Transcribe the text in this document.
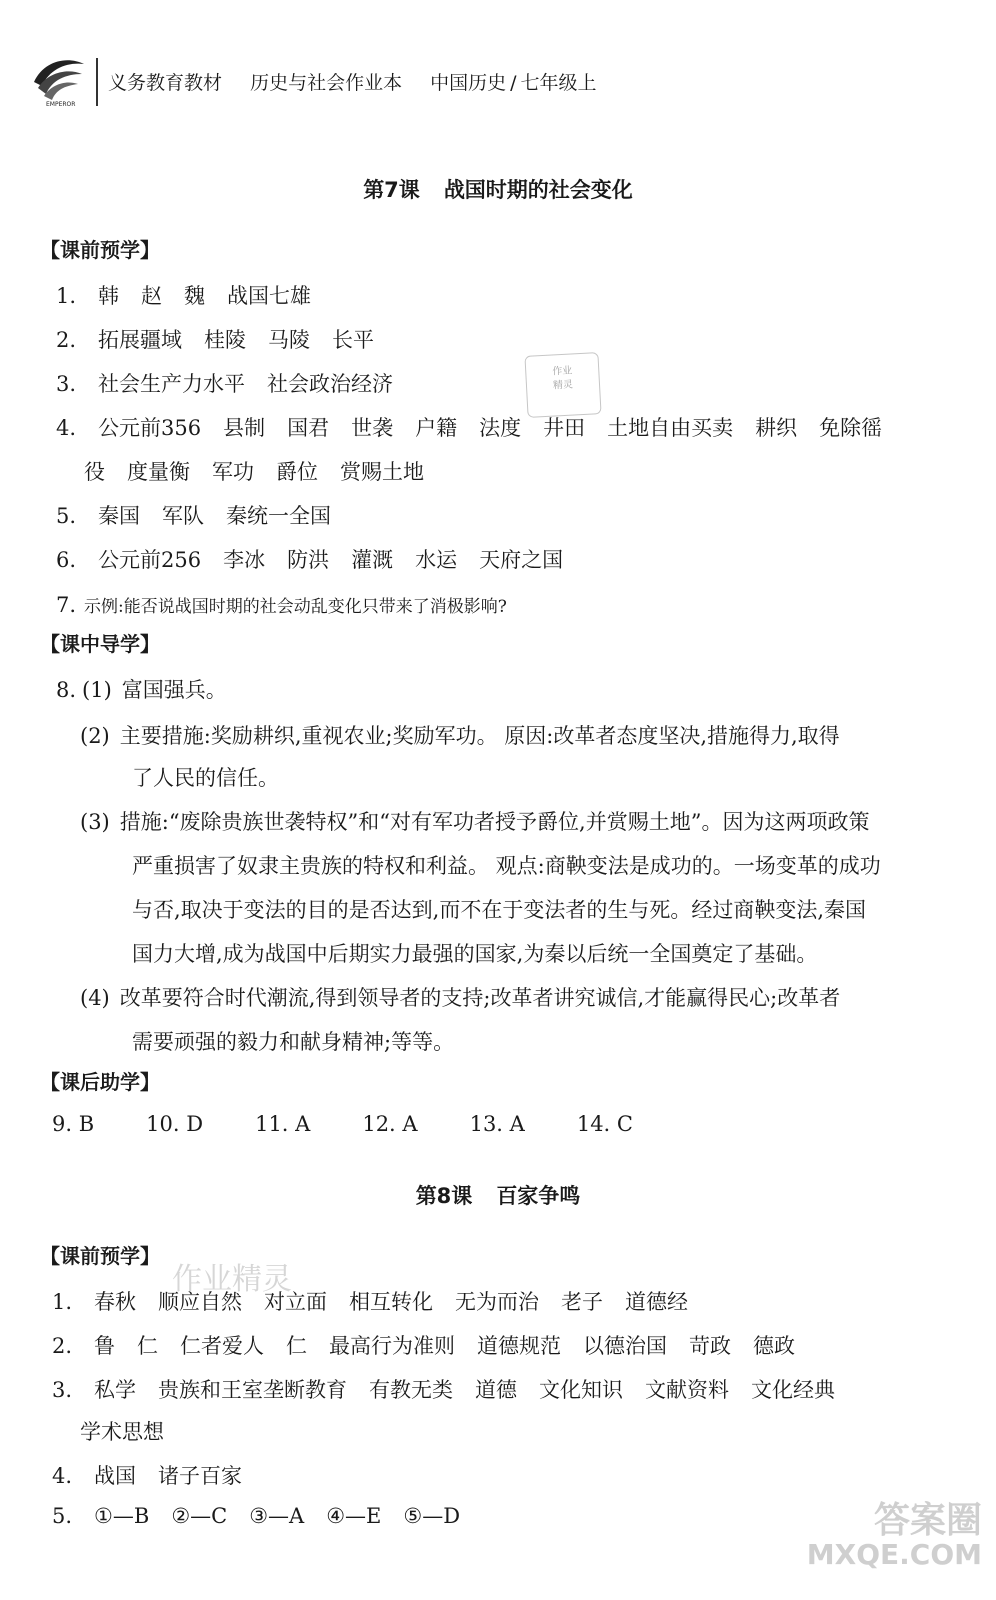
EMPEROR
义务教育教材 历史与社会作业本 中国历史 / 七年级上
第7课 战国时期的社会变化
【课前预学】
1. 韩 赵 魏 战国七雄
2. 拓展疆域 桂陵 马陵 长平
3. 社会生产力水平 社会政治经济
4. 公元前356 县制 国君 世袭 户籍 法度 井田 土地自由买卖 耕织 免除徭
役 度量衡 军功 爵位 赏赐土地
5. 秦国 军队 秦统一全国
6. 公元前256 李冰 防洪 灌溉 水运 天府之国
7. 示例:能否说战国时期的社会动乱变化只带来了消极影响?
【课中导学】
8. (1) 富国强兵。
(2) 主要措施:奖励耕织,重视农业;奖励军功。 原因:改革者态度坚决,措施得力,取得
了人民的信任。
(3) 措施:“废除贵族世袭特权”和“对有军功者授予爵位,并赏赐土地”。因为这两项政策
严重损害了奴隶主贵族的特权和利益。 观点:商鞅变法是成功的。一场变革的成功
与否,取决于变法的目的是否达到,而不在于变法者的生与死。经过商鞅变法,秦国
国力大增,成为战国中后期实力最强的国家,为秦以后统一全国奠定了基础。
(4) 改革要符合时代潮流,得到领导者的支持;改革者讲究诚信,才能赢得民心;改革者
需要顽强的毅力和献身精神;等等。
【课后助学】
9. B 10. D 11. A 12. A 13. A 14. C
第8课 百家争鸣
【课前预学】
1. 春秋 顺应自然 对立面 相互转化 无为而治 老子 道德经
2. 鲁 仁 仁者爱人 仁 最高行为准则 道德规范 以德治国 苛政 德政
3. 私学 贵族和王室垄断教育 有教无类 道德 文化知识 文献资料 文化经典
学术思想
4. 战国 诸子百家
5. ①—B ②—C ③—A ④—E ⑤—D
作业
精灵
作业精灵
答案圈
MXQE.COM
